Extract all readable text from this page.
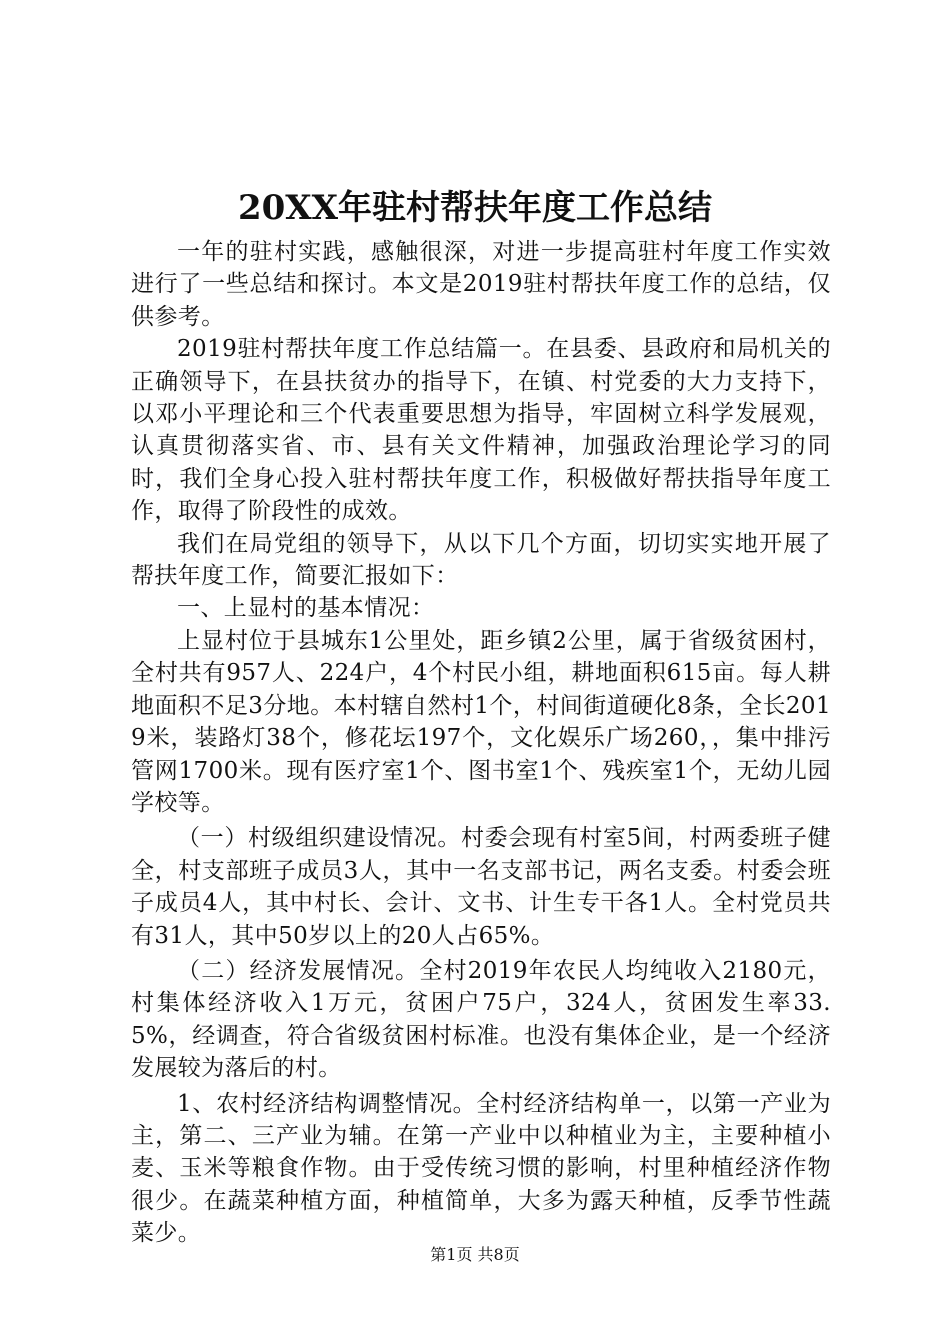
20XX年驻村帮扶年度工作总结

一年的驻村实践，感触很深，对进一步提高驻村年度工作实效进行了一些总结和探讨。本文是2019驻村帮扶年度工作的总结，仅供参考。

2019驻村帮扶年度工作总结篇一。在县委、县政府和局机关的正确领导下，在县扶贫办的指导下，在镇、村党委的大力支持下，以邓小平理论和三个代表重要思想为指导，牢固树立科学发展观，认真贯彻落实省、市、县有关文件精神，加强政治理论学习的同时，我们全身心投入驻村帮扶年度工作，积极做好帮扶指导年度工作，取得了阶段性的成效。

我们在局党组的领导下，从以下几个方面，切切实实地开展了帮扶年度工作，简要汇报如下：

一、上显村的基本情况：

上显村位于县城东1公里处，距乡镇2公里，属于省级贫困村，全村共有957人、224户，4个村民小组，耕地面积615亩。每人耕地面积不足3分地。本村辖自然村1个，村间街道硬化8条，全长2019米，装路灯38个，修花坛197个，文化娱乐广场260，，集中排污管网1700米。现有医疗室1个、图书室1个、残疾室1个，无幼儿园学校等。

（一）村级组织建设情况。村委会现有村室5间，村两委班子健全，村支部班子成员3人，其中一名支部书记，两名支委。村委会班子成员4人，其中村长、会计、文书、计生专干各1人。全村党员共有31人，其中50岁以上的20人占65%。

（二）经济发展情况。全村2019年农民人均纯收入2180元，村集体经济收入1万元，贫困户75户，324人，贫困发生率33.5%，经调查，符合省级贫困村标准。也没有集体企业，是一个经济发展较为落后的村。

1、农村经济结构调整情况。全村经济结构单一，以第一产业为主，第二、三产业为辅。在第一产业中以种植业为主，主要种植小麦、玉米等粮食作物。由于受传统习惯的影响，村里种植经济作物很少。在蔬菜种植方面，种植简单，大多为露天种植，反季节性蔬菜少。

第1页 共8页
